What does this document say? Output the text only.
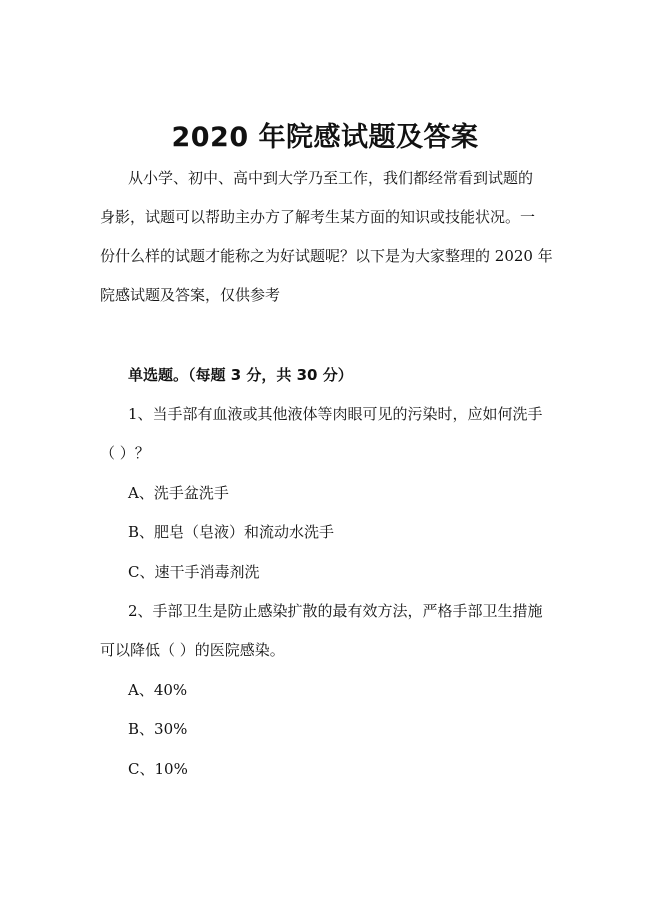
2020 年院感试题及答案
从小学、初中、高中到大学乃至工作，我们都经常看到试题的
身影，试题可以帮助主办方了解考生某方面的知识或技能状况。一
份什么样的试题才能称之为好试题呢？以下是为大家整理的 2020 年
院感试题及答案，仅供参考
单选题。（每题 3 分，共 30 分）
1、当手部有血液或其他液体等肉眼可见的污染时，应如何洗手
（ ）？
A、洗手盆洗手
B、肥皂（皂液）和流动水洗手
C、速干手消毒剂洗
2、手部卫生是防止感染扩散的最有效方法，严格手部卫生措施
可以降低（ ）的医院感染。
A、40%
B、30%
C、10%
